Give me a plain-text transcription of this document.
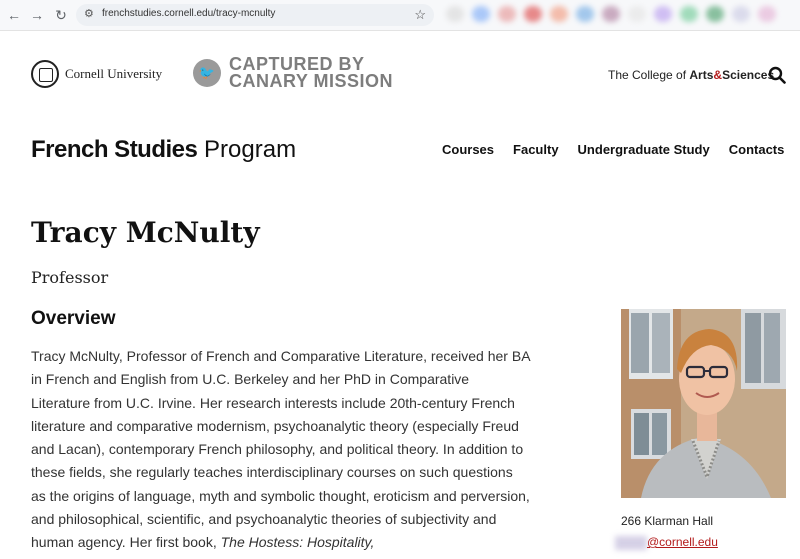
← → ↻ ⚙ frenchstudies.cornell.edu/tracy-mcnulty	☆
Cornell University	🐦 CAPTURED BY
CANARY MISSION	The College of Arts&Sciences
French Studies Program	Courses Faculty Undergraduate Study Contacts
Tracy McNulty
Professor
Overview

Tracy McNulty, Professor of French and Comparative Literature, received her BA in French and English from U.C. Berkeley and her PhD in Comparative Literature from U.C. Irvine. Her research interests include 20th-century French literature and comparative modernism, psychoanalytic theory (especially Freud and Lacan), contemporary French philosophy, and political theory. In addition to these fields, she regularly teaches interdisciplinary courses on such questions as the origins of language, myth and symbolic thought, eroticism and perversion, and philosophical, scientific, and psychoanalytic theories of subjectivity and human agency. Her first book, The Hostess: Hospitality,

266 Klarman Hall
@cornell.edu
